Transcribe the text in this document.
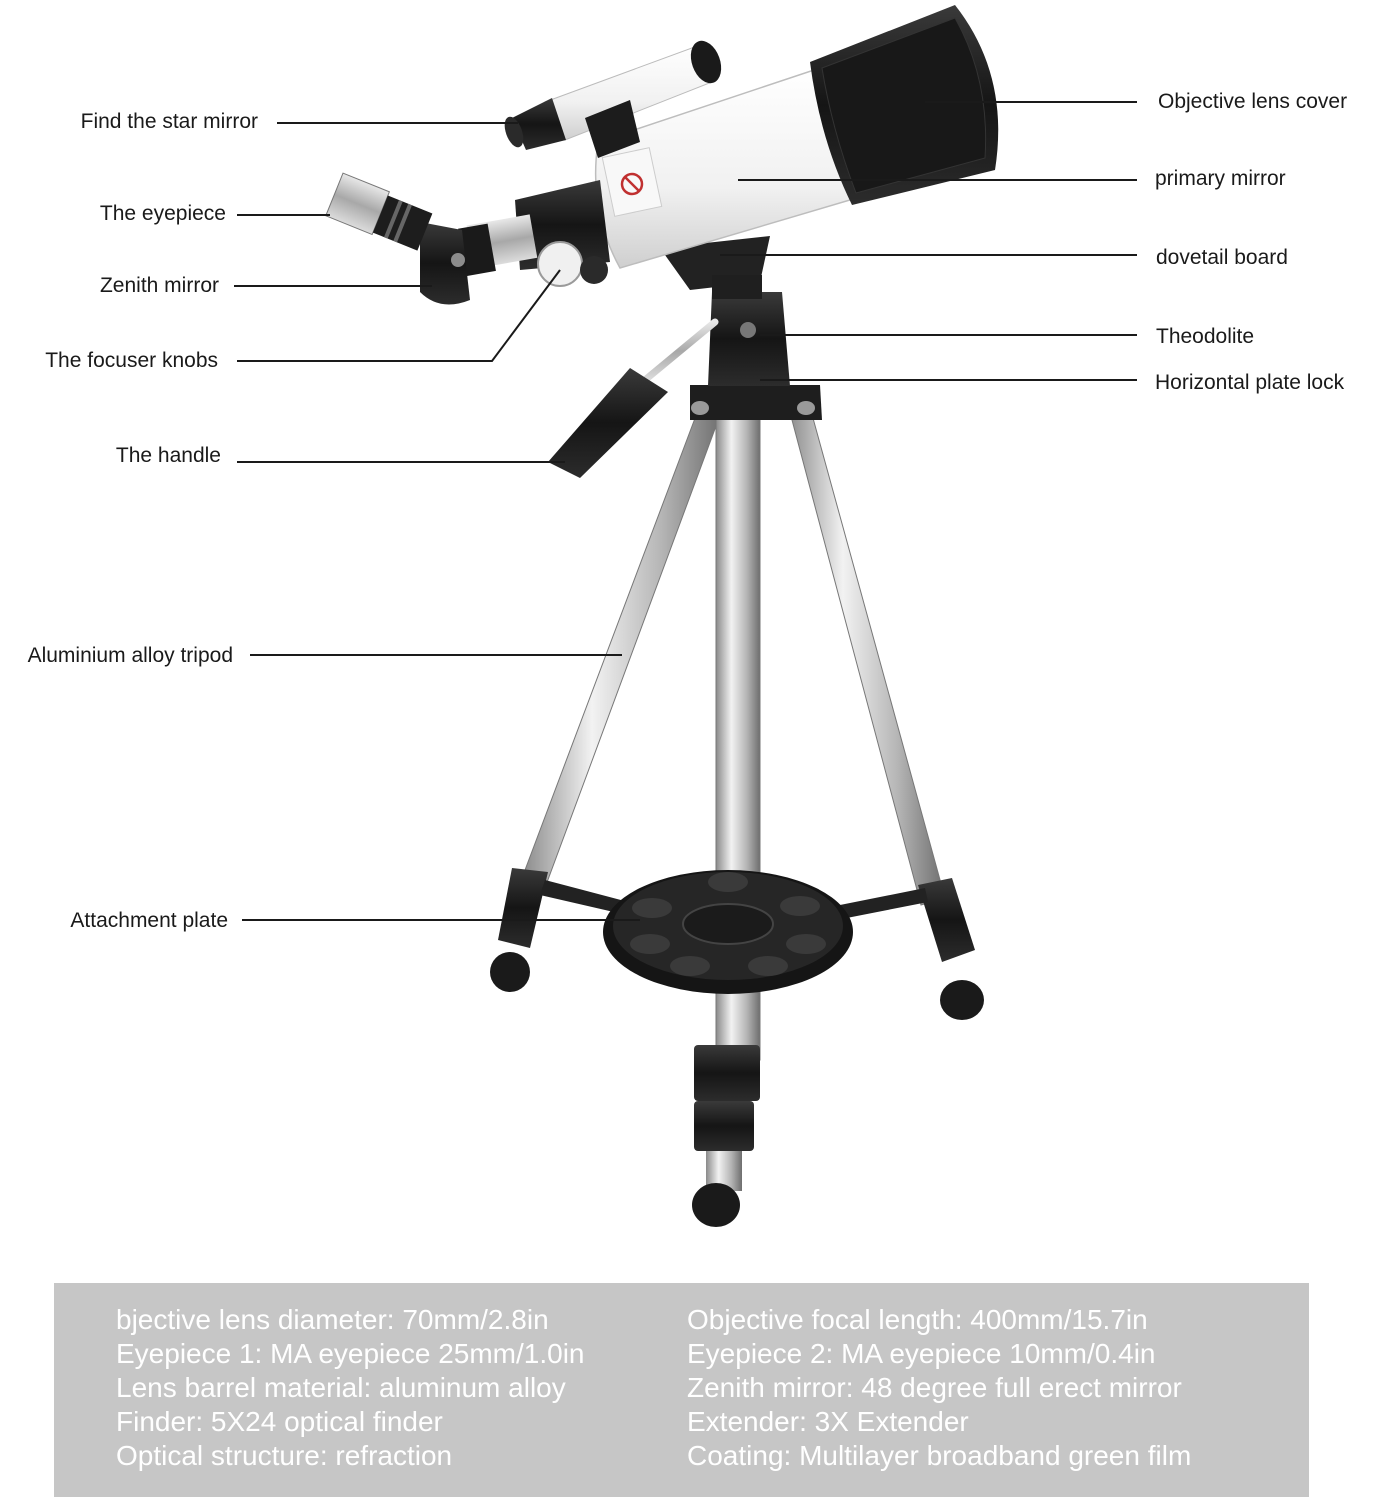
Find the star mirror
The eyepiece
Zenith mirror
The focuser knobs
The handle
Aluminium alloy tripod
Attachment plate
Objective lens cover
primary mirror
dovetail board
Theodolite
Horizontal plate lock
bjective lens diameter: 70mm/2.8in
Eyepiece 1: MA eyepiece 25mm/1.0in
Lens barrel material: aluminum alloy
Finder: 5X24 optical finder
Optical structure: refraction
Objective focal length: 400mm/15.7in
Eyepiece 2: MA eyepiece 10mm/0.4in
Zenith mirror: 48 degree full erect mirror
Extender: 3X Extender
Coating: Multilayer broadband green film
